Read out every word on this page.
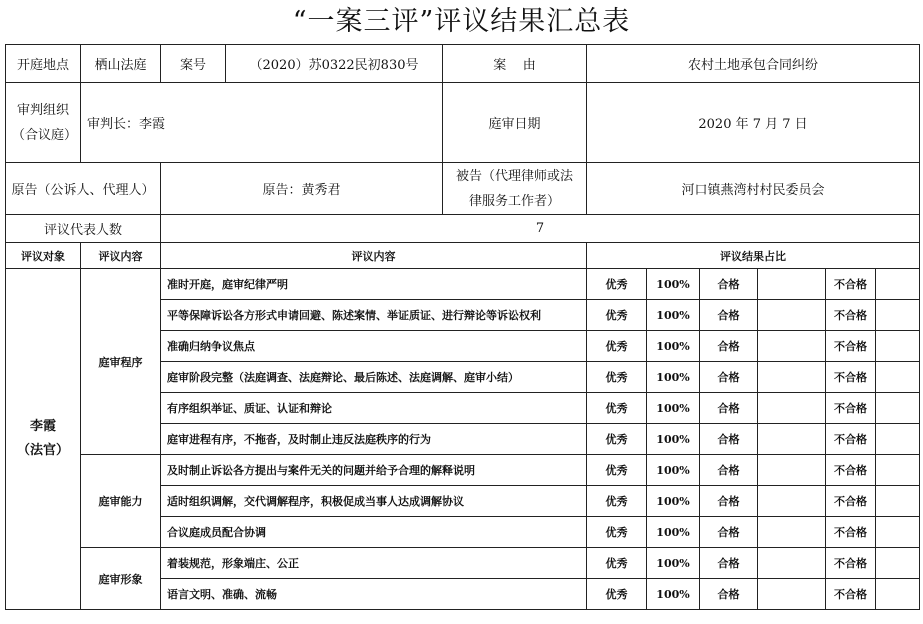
“一案三评”评议结果汇总表
开庭地点	栖山法庭	案号	（2020）苏0322民初830号	案    由	农村土地承包合同纠纷					
审判组织（合议庭）	审判长：李霞			庭审日期	2020 年 7 月 7 日					
原告（公诉人、代理人）		原告：黄秀君		被告（代理律师或法律服务工作者）	河口镇燕湾村村民委员会					
评议代表人数		7								
评议对象	评议内容	评议内容			评议结果占比					
李霞
（法官）	庭审程序	准时开庭，庭审纪律严明			优秀	100%	合格		不合格	
		平等保障诉讼各方形式申请回避、陈述案情、举证质证、进行辩论等诉讼权利			优秀	100%	合格		不合格	
		准确归纳争议焦点			优秀	100%	合格		不合格	
		庭审阶段完整（法庭调查、法庭辩论、最后陈述、法庭调解、庭审小结）			优秀	100%	合格		不合格	
		有序组织举证、质证、认证和辩论			优秀	100%	合格		不合格	
		庭审进程有序，不拖沓，及时制止违反法庭秩序的行为			优秀	100%	合格		不合格	
	庭审能力	及时制止诉讼各方提出与案件无关的问题并给予合理的解释说明			优秀	100%	合格		不合格	
		适时组织调解，交代调解程序，积极促成当事人达成调解协议			优秀	100%	合格		不合格	
		合议庭成员配合协调			优秀	100%	合格		不合格	
	庭审形象	着装规范，形象端庄、公正			优秀	100%	合格		不合格	
		语言文明、准确、流畅			优秀	100%	合格		不合格	
